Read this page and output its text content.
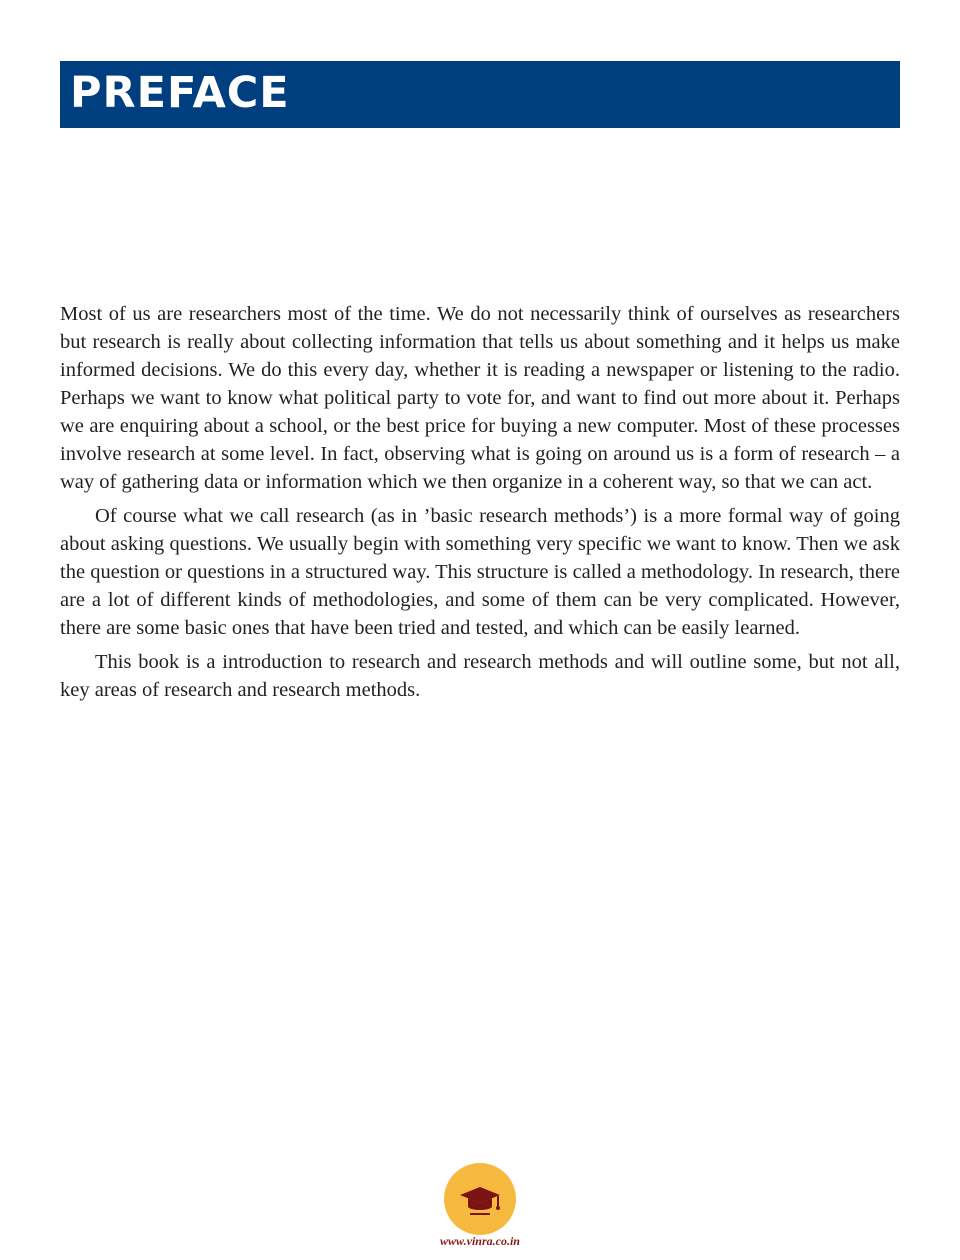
PREFACE

Most of us are researchers most of the time. We do not necessarily think of ourselves as researchers but research is really about collecting information that tells us about something and it helps us make informed decisions. We do this every day, whether it is reading a newspaper or listening to the radio. Perhaps we want to know what political party to vote for, and want to find out more about it. Perhaps we are enquiring about a school, or the best price for buying a new computer. Most of these processes involve research at some level. In fact, observing what is going on around us is a form of research – a way of gathering data or information which we then organize in a coherent way, so that we can act.

Of course what we call research (as in ’basic research methods’) is a more formal way of going about asking questions. We usually begin with something very specific we want to know. Then we ask the question or questions in a structured way. This structure is called a methodology. In research, there are a lot of different kinds of methodologies, and some of them can be very complicated. However, there are some basic ones that have been tried and tested, and which can be easily learned.

This book is a introduction to research and research methods and will outline some, but not all, key areas of research and research methods.

www.vinra.co.in
